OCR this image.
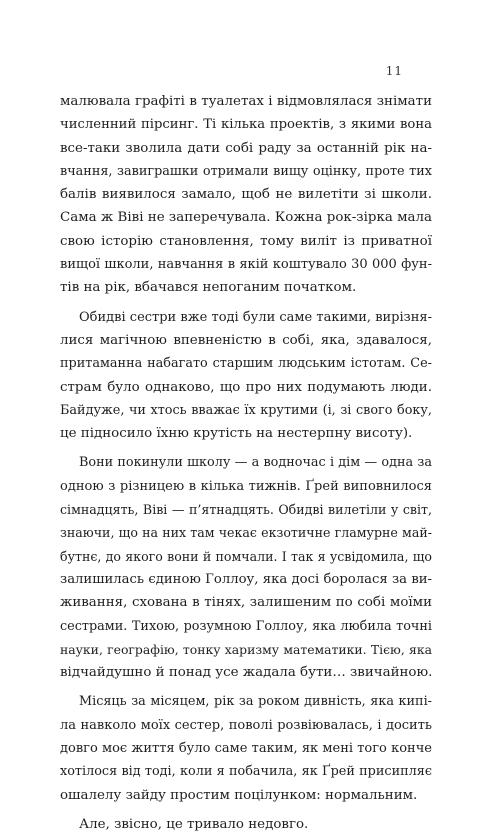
11
малювала графіті в туалетах і відмовлялася знімати
численний пірсинг. Ті кілька проектів, з якими вона
все-таки зволила дати собі раду за останній рік на-
вчання, завиграшки отримали вищу оцінку, проте тих
балів виявилося замало, щоб не вилетіти зі школи.
Сама ж Віві не заперечувала. Кожна рок-зірка мала
свою історію становлення, тому виліт із приватної
вищої школи, навчання в якій коштувало 30 000 фун-
тів на рік, вбачався непоганим початком.
Обидві сестри вже тоді були саме такими, вирізня-
лися магічною впевненістю в собі, яка, здавалося,
притаманна набагато старшим людським істотам. Се-
страм було однаково, що про них подумають люди.
Байдуже, чи хтось вважає їх крутими (і, зі свого боку,
це підносило їхню крутість на нестерпну висоту).
Вони покинули школу — а водночас і дім — одна за
одною з різницею в кілька тижнів. Ґрей виповнилося
сімнадцять, Віві — п’ятнадцять. Обидві вилетіли у світ,
знаючи, що на них там чекає екзотичне гламурне май-
бутнє, до якого вони й помчали. І так я усвідомила, що
залишилась єдиною Голлоу, яка досі боролася за ви-
живання, схована в тінях, залишеним по собі моїми
сестрами. Тихою, розумною Голлоу, яка любила точні
науки, географію, тонку харизму математики. Тією, яка
відчайдушно й понад усе жадала бути… звичайною.
Місяць за місяцем, рік за роком дивність, яка кипі-
ла навколо моїх сестер, поволі розвіювалась, і досить
довго моє життя було саме таким, як мені того конче
хотілося від тоді, коли я побачила, як Ґрей присипляє
ошалелу зайду простим поцілунком: нормальним.
Але, звісно, це тривало недовго.
